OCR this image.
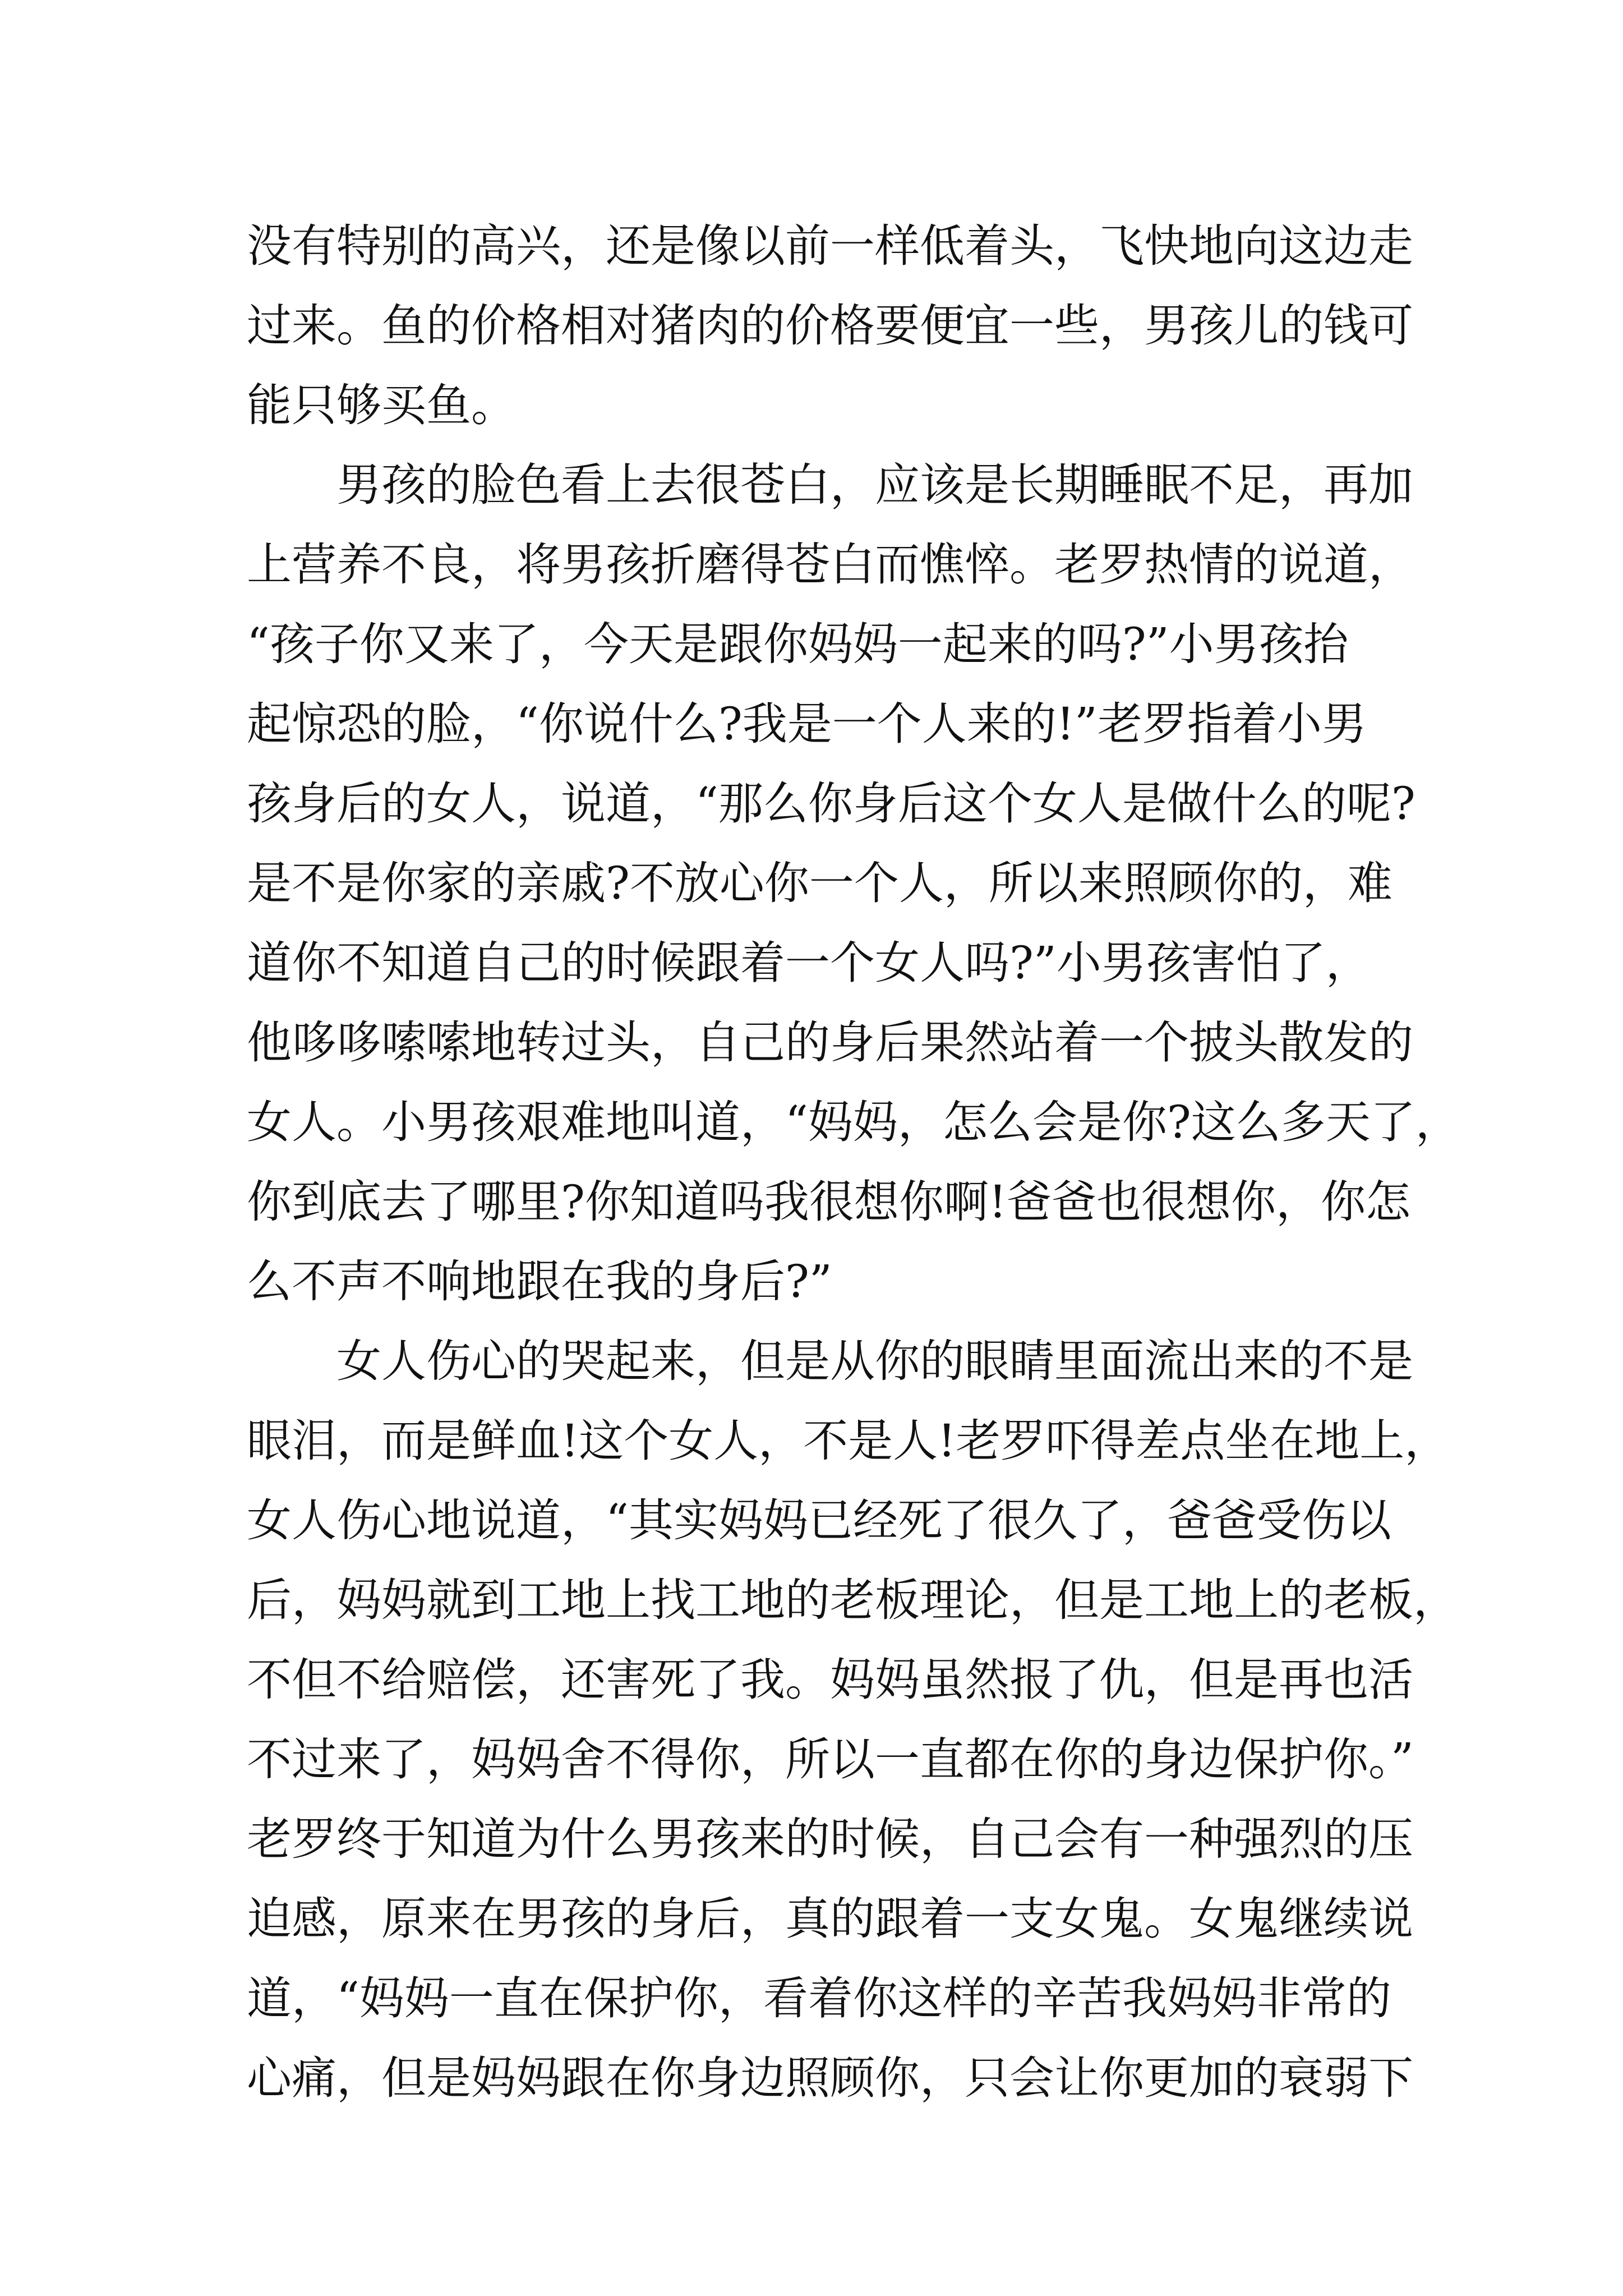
没有特别的高兴，还是像以前一样低着头，飞快地向这边走
过来。鱼的价格相对猪肉的价格要便宜一些，男孩儿的钱可
能只够买鱼。
男孩的脸色看上去很苍白，应该是长期睡眠不足，再加
上营养不良，将男孩折磨得苍白而憔悴。老罗热情的说道，
“孩子你又来了，今天是跟你妈妈一起来的吗?”小男孩抬
起惊恐的脸，“你说什么?我是一个人来的!”老罗指着小男
孩身后的女人，说道，“那么你身后这个女人是做什么的呢?
是不是你家的亲戚?不放心你一个人，所以来照顾你的，难
道你不知道自己的时候跟着一个女人吗?”小男孩害怕了，
他哆哆嗦嗦地转过头，自己的身后果然站着一个披头散发的
女人。小男孩艰难地叫道，“妈妈，怎么会是你?这么多天了，
你到底去了哪里?你知道吗我很想你啊!爸爸也很想你，你怎
么不声不响地跟在我的身后?”
女人伤心的哭起来，但是从你的眼睛里面流出来的不是
眼泪，而是鲜血!这个女人，不是人!老罗吓得差点坐在地上，
女人伤心地说道，“其实妈妈已经死了很久了，爸爸受伤以
后，妈妈就到工地上找工地的老板理论，但是工地上的老板，
不但不给赔偿，还害死了我。妈妈虽然报了仇，但是再也活
不过来了，妈妈舍不得你，所以一直都在你的身边保护你。”
老罗终于知道为什么男孩来的时候，自己会有一种强烈的压
迫感，原来在男孩的身后，真的跟着一支女鬼。女鬼继续说
道，“妈妈一直在保护你，看着你这样的辛苦我妈妈非常的
心痛，但是妈妈跟在你身边照顾你，只会让你更加的衰弱下
